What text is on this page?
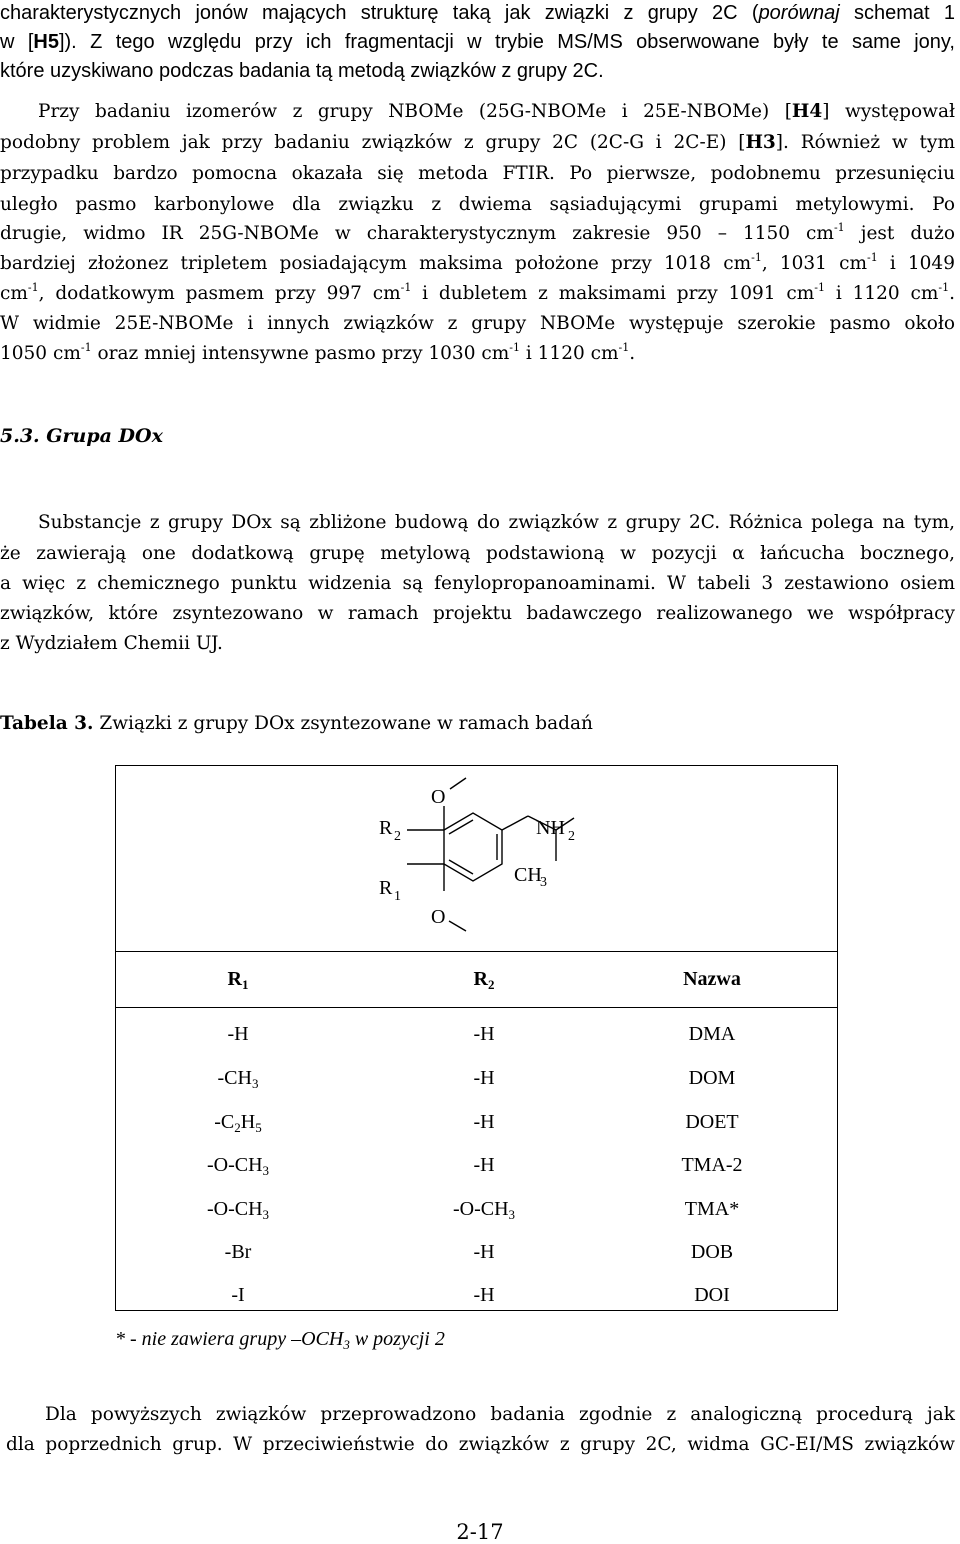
charakterystycznych jonów mających strukturę taką jak związki z grupy 2C (porównaj schemat 1
w [H5]). Z tego względu przy ich fragmentacji w trybie MS/MS obserwowane były te same jony,
które uzyskiwano podczas badania tą metodą związków z grupy 2C.
Przy badaniu izomerów z grupy NBOMe (25G-NBOMe i 25E-NBOMe) [H4] występował
podobny problem jak przy badaniu związków z grupy 2C (2C-G i 2C-E) [H3]. Również w tym
przypadku bardzo pomocna okazała się metoda FTIR. Po pierwsze, podobnemu przesunięciu
uległo pasmo karbonylowe dla związku z dwiema sąsiadującymi grupami metylowymi. Po
drugie, widmo IR 25G-NBOMe w charakterystycznym zakresie 950 – 1150 $cm^{-1}$ jest dużo
bardziej złożonez tripletem posiadającym maksima położone przy 1018 $cm^{-1}$, 1031 $cm^{-1}$ i 1049
$cm^{-1}$, dodatkowym pasmem przy 997 $cm^{-1}$ i dubletem z maksimami przy 1091 $cm^{-1}$ i 1120 $cm^{-1}$.
W widmie 25E-NBOMe i innych związków z grupy NBOMe występuje szerokie pasmo około
1050 $cm^{-1}$ oraz mniej intensywne pasmo przy 1030 $cm^{-1}$ i 1120 $cm^{-1}$.
5.3. Grupa DOx
Substancje z grupy DOx są zbliżone budową do związków z grupy 2C. Różnica polega na tym,
że zawierają one dodatkową grupę metylową podstawioną w pozycji α łańcucha bocznego,
a więc z chemicznego punktu widzenia są fenylopropanoaminami. W tabeli 3 zestawiono osiem
związków, które zsyntezowano w ramach projektu badawczego realizowanego we współpracy
z Wydziałem Chemii UJ.
Tabela 3. Związki z grupy DOx zsyntezowane w ramach badań
O
O
R 2
R 1
NH 2
CH
3
$R_1$	$R_2$	Nazwa
-H	-H	DMA
$-CH_3$	-H	DOM
$-C_2H_5$	-H	DOET
$-O-CH_3$	-H	TMA-2
$-O-CH_3$	$-O-CH_3$	TMA*
-Br	-H	DOB
-I	-H	DOI
* - nie zawiera grupy $-OCH_3$ w pozycji 2
Dla powyższych związków przeprowadzono badania zgodnie z analogiczną procedurą jak
dla poprzednich grup. W przeciwieństwie do związków z grupy 2C, widma GC-EI/MS związków
2-17
